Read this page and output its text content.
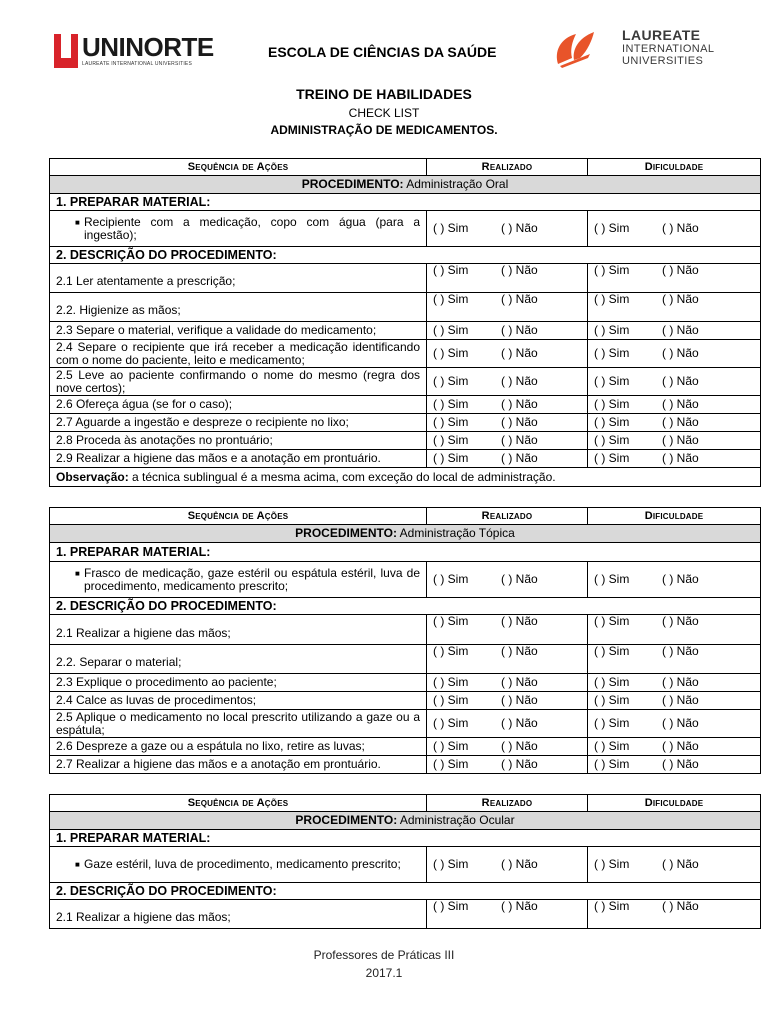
UNINORTE
LAUREATE INTERNATIONAL UNIVERSITIES
ESCOLA DE CIÊNCIAS DA SAÚDE
LAUREATE
INTERNATIONAL
UNIVERSITIES
TREINO DE HABILIDADES
CHECK LIST
ADMINISTRAÇÃO DE MEDICAMENTOS.
Sequência de Ações	Realizado	Dificuldade
PROCEDIMENTO: Administração Oral		
1. PREPARAR MATERIAL:		

■ Recipiente com a medicação, copo com água (para a ingestão);	( ) Sim ( ) Não	( ) Sim ( ) Não
2. DESCRIÇÃO DO PROCEDIMENTO:		
2.1 Ler atentamente a prescrição;	( ) Sim ( ) Não	( ) Sim ( ) Não
2.2. Higienize as mãos;	( ) Sim ( ) Não	( ) Sim ( ) Não
2.3 Separe o material, verifique a validade do medicamento;	( ) Sim ( ) Não	( ) Sim ( ) Não
2.4 Separe o recipiente que irá receber a medicação identificando com o nome do paciente, leito e medicamento;	( ) Sim ( ) Não	( ) Sim ( ) Não
2.5 Leve ao paciente confirmando o nome do mesmo (regra dos nove certos);	( ) Sim ( ) Não	( ) Sim ( ) Não
2.6 Ofereça água (se for o caso);	( ) Sim ( ) Não	( ) Sim ( ) Não
2.7 Aguarde a ingestão e despreze o recipiente no lixo;	( ) Sim ( ) Não	( ) Sim ( ) Não
2.8 Proceda às anotações no prontuário;	( ) Sim ( ) Não	( ) Sim ( ) Não
2.9 Realizar a higiene das mãos e a anotação em prontuário.	( ) Sim ( ) Não	( ) Sim ( ) Não
Observação: a técnica sublingual é a mesma acima, com exceção do local de administração.		
Sequência de Ações	Realizado	Dificuldade
PROCEDIMENTO: Administração Tópica		
1. PREPARAR MATERIAL:		

■ Frasco de medicação, gaze estéril ou espátula estéril, luva de procedimento, medicamento prescrito;	( ) Sim ( ) Não	( ) Sim ( ) Não
2. DESCRIÇÃO DO PROCEDIMENTO:		
2.1 Realizar a higiene das mãos;	( ) Sim ( ) Não	( ) Sim ( ) Não
2.2. Separar o material;	( ) Sim ( ) Não	( ) Sim ( ) Não
2.3 Explique o procedimento ao paciente;	( ) Sim ( ) Não	( ) Sim ( ) Não
2.4 Calce as luvas de procedimentos;	( ) Sim ( ) Não	( ) Sim ( ) Não
2.5 Aplique o medicamento no local prescrito utilizando a gaze ou a espátula;	( ) Sim ( ) Não	( ) Sim ( ) Não
2.6 Despreze a gaze ou a espátula no lixo, retire as luvas;	( ) Sim ( ) Não	( ) Sim ( ) Não
2.7 Realizar a higiene das mãos e a anotação em prontuário.	( ) Sim ( ) Não	( ) Sim ( ) Não
Sequência de Ações	Realizado	Dificuldade
PROCEDIMENTO: Administração Ocular		
1. PREPARAR MATERIAL:		

■ Gaze estéril, luva de procedimento, medicamento prescrito;	( ) Sim ( ) Não	( ) Sim ( ) Não
2. DESCRIÇÃO DO PROCEDIMENTO:		
2.1 Realizar a higiene das mãos;	( ) Sim ( ) Não	( ) Sim ( ) Não
Professores de Práticas III
2017.1
